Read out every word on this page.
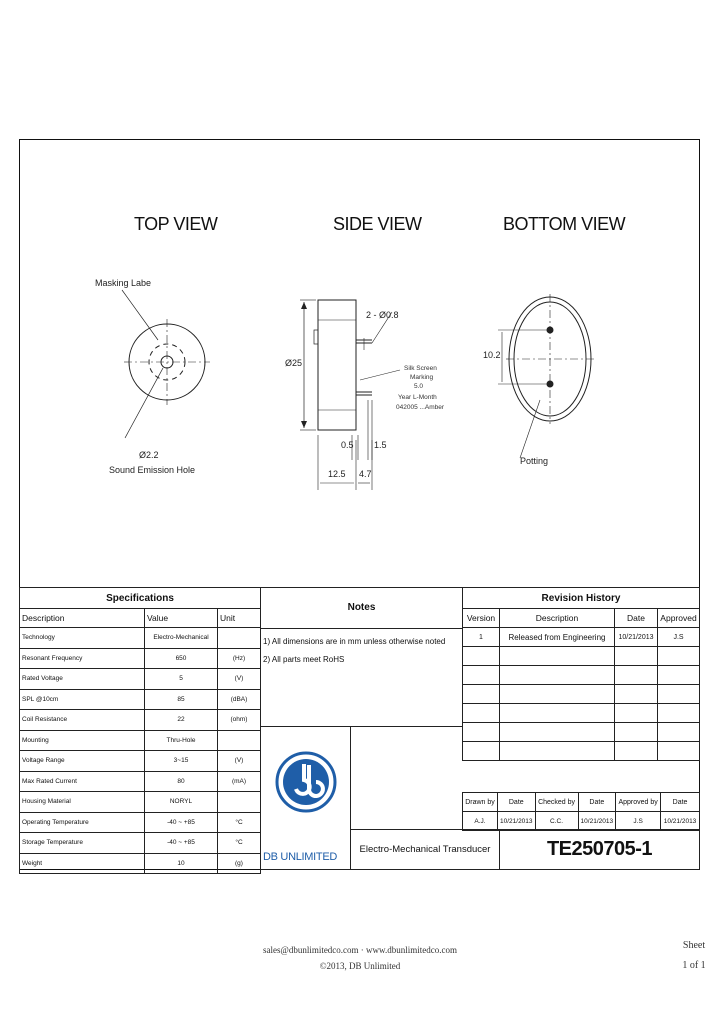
TOP VIEW	SIDE VIEW	BOTTOM VIEW
Masking Labe
Ø2.2
Sound Emission Hole
2 - Ø0.8
Ø25
Silk Screen
Marking
5.0
Year L-Month
042005 ...Amber
0.5 1.5
12.5 4.7
10.2
Potting
Specifications		
Description	Value	Unit
Technology	Electro-Mechanical	
Resonant Frequency	650	(Hz)
Rated Voltage	5	(V)
SPL @10cm	85	(dBA)
Coil Resistance	22	(ohm)
Mounting	Thru-Hole	
Voltage Range	3~15	(V)
Max Rated Current	80	(mA)
Housing Material	NORYL	
Operating Temperature	-40 ~ +85	°C
Storage Temperature	-40 ~ +85	°C
Weight	10	(g)
Notes
1) All dimensions are in mm unless otherwise noted
2) All parts meet RoHS
DB UNLIMITED
Revision History			
Version	Description	Date	Approved
1	Released from Engineering	10/21/2013	J.S

Drawn by	Date	Checked by	Date	Approved by	Date
A.J.	10/21/2013	C.C.	10/21/2013	J.S	10/21/2013
Electro-Mechanical Transducer	TE250705-1
sales@dbunlimitedco.com · www.dbunlimitedco.com
©2013, DB Unlimited
Sheet
1 of 1
